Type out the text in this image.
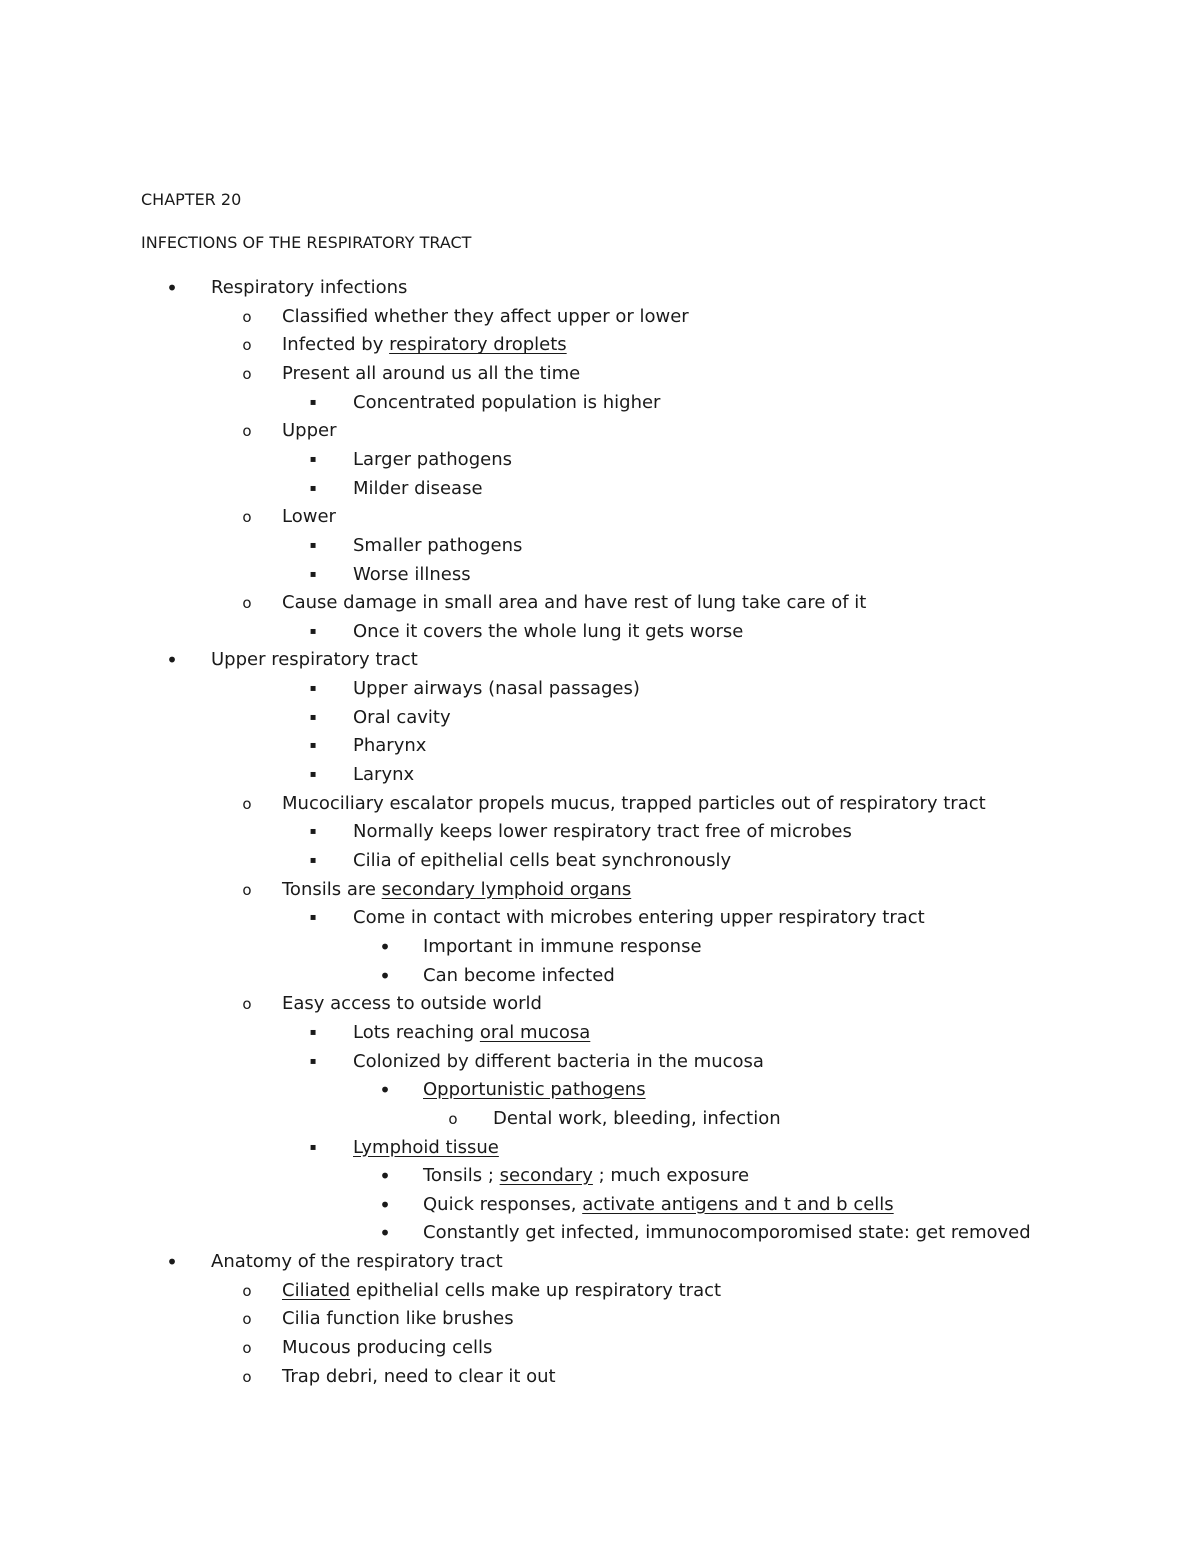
CHAPTER 20
INFECTIONS OF THE RESPIRATORY TRACT
• Respiratory infections
o Classified whether they affect upper or lower
o Infected by respiratory droplets
o Present all around us all the time
▪ Concentrated population is higher
o Upper
▪ Larger pathogens
▪ Milder disease
o Lower
▪ Smaller pathogens
▪ Worse illness
o Cause damage in small area and have rest of lung take care of it
▪ Once it covers the whole lung it gets worse
• Upper respiratory tract
▪ Upper airways (nasal passages)
▪ Oral cavity
▪ Pharynx
▪ Larynx
o Mucociliary escalator propels mucus, trapped particles out of respiratory tract
▪ Normally keeps lower respiratory tract free of microbes
▪ Cilia of epithelial cells beat synchronously
o Tonsils are secondary lymphoid organs
▪ Come in contact with microbes entering upper respiratory tract
• Important in immune response
• Can become infected
o Easy access to outside world
▪ Lots reaching oral mucosa
▪ Colonized by different bacteria in the mucosa
• Opportunistic pathogens
o Dental work, bleeding, infection
▪ Lymphoid tissue
• Tonsils ; secondary ; much exposure
• Quick responses, activate antigens and t and b cells
• Constantly get infected, immunocomporomised state: get removed
• Anatomy of the respiratory tract
o Ciliated epithelial cells make up respiratory tract
o Cilia function like brushes
o Mucous producing cells
o Trap debri, need to clear it out
